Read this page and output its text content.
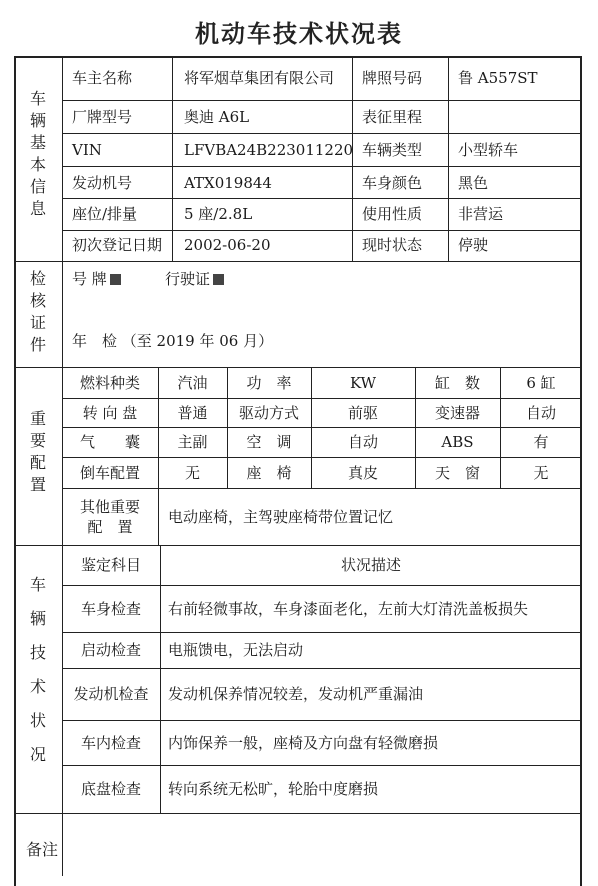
机动车技术状况表
车
辆
基
本
信
息
检
核
证
件
重
要
配
置
车
辆
技
术
状
况
备注
车主名称	将军烟草集团有限公司 牌照号码 鲁 A557ST
厂牌型号	奥迪 A6L	表征里程
VIN	LFVBA24B223011220 车辆类型 小型轿车
发动机号	ATX019844	车身颜色 黑色
座位/排量	5 座/2.8L	使用性质 非营运
初次登记日期 2002-06-20	现时状态 停驶
号 牌	行驶证
年　检 （至 2019 年 06 月）
燃料种类	汽油	功　率	KW	缸　数	6 缸
转 向 盘	普通	驱动方式	前驱	变速器	自动
气　　囊	主副	空　调	自动	ABS	有
倒车配置	无	座　椅	真皮	天　窗	无
其他重要
配　置
电动座椅，主驾驶座椅带位置记忆
鉴定科目	状况描述
车身检查	右前轻微事故，车身漆面老化，左前大灯清洗盖板损失
启动检查	电瓶馈电，无法启动
发动机检查	发动机保养情况较差，发动机严重漏油
车内检查	内饰保养一般，座椅及方向盘有轻微磨损
底盘检查	转向系统无松旷，轮胎中度磨损
